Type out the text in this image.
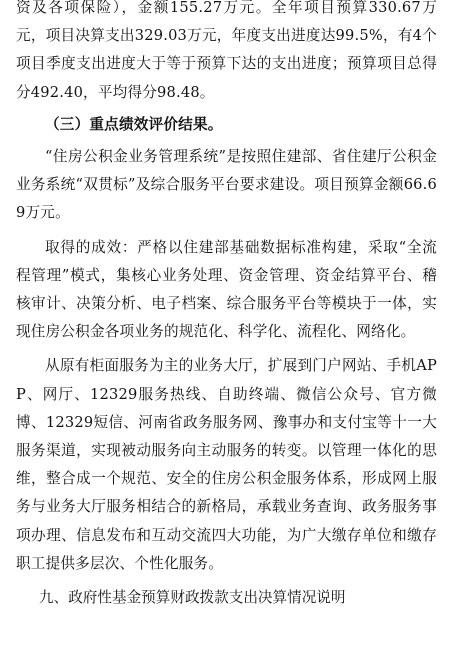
资及各项保险），金额155.27万元。全年项目预算330.67万元，项目决算支出329.03万元，年度支出进度达99.5%，有4个项目季度支出进度大于等于预算下达的支出进度；预算项目总得分492.40，平均得分98.48。

（三）重点绩效评价结果。

“住房公积金业务管理系统”是按照住建部、省住建厅公积金业务系统“双贯标”及综合服务平台要求建设。项目预算金额66.69万元。

取得的成效：严格以住建部基础数据标准构建，采取“全流程管理”模式，集核心业务处理、资金管理、资金结算平台、稽核审计、决策分析、电子档案、综合服务平台等模块于一体，实现住房公积金各项业务的规范化、科学化、流程化、网络化。

从原有柜面服务为主的业务大厅，扩展到门户网站、手机APP、网厅、12329服务热线、自助终端、微信公众号、官方微博、12329短信、河南省政务服务网、豫事办和支付宝等十一大服务渠道，实现被动服务向主动服务的转变。以管理一体化的思维，整合成一个规范、安全的住房公积金服务体系，形成网上服务与业务大厅服务相结合的新格局，承载业务查询、政务服务事项办理、信息发布和互动交流四大功能，为广大缴存单位和缴存职工提供多层次、个性化服务。

九、政府性基金预算财政拨款支出决算情况说明
